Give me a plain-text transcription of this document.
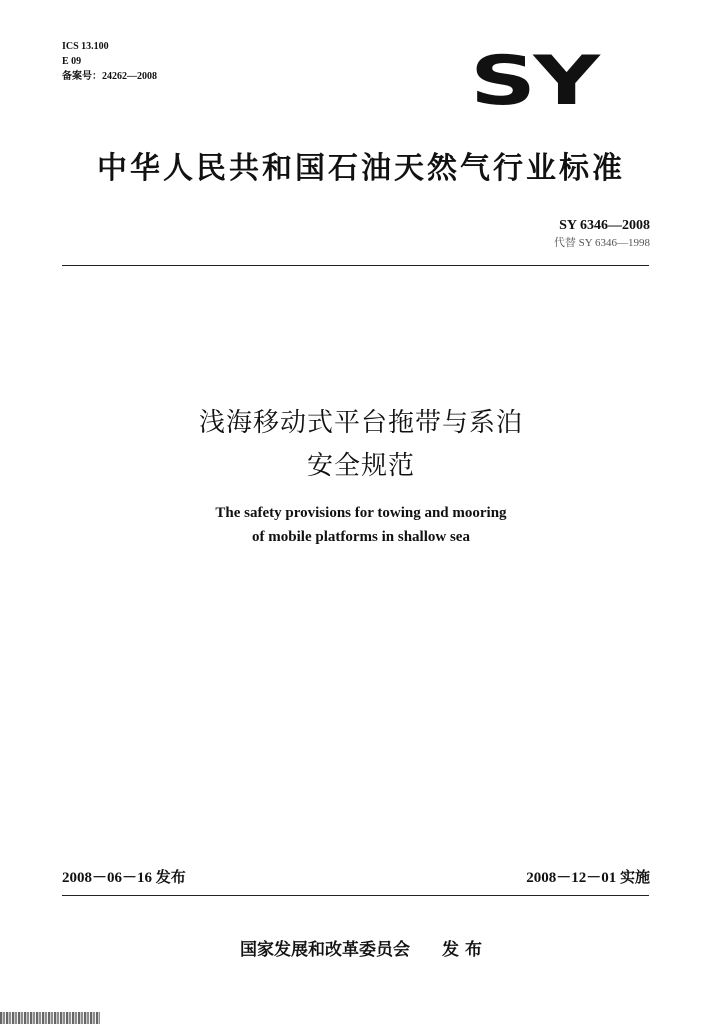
ICS 13.100
E 09
备案号：24262—2008	SY
中华人民共和国石油天然气行业标准
SY 6346—2008
代替 SY 6346—1998
浅海移动式平台拖带与系泊
安全规范
The safety provisions for towing and mooring
of mobile platforms in shallow sea
2008－06－16 发布	2008－12－01 实施
国家发展和改革委员会 发 布
